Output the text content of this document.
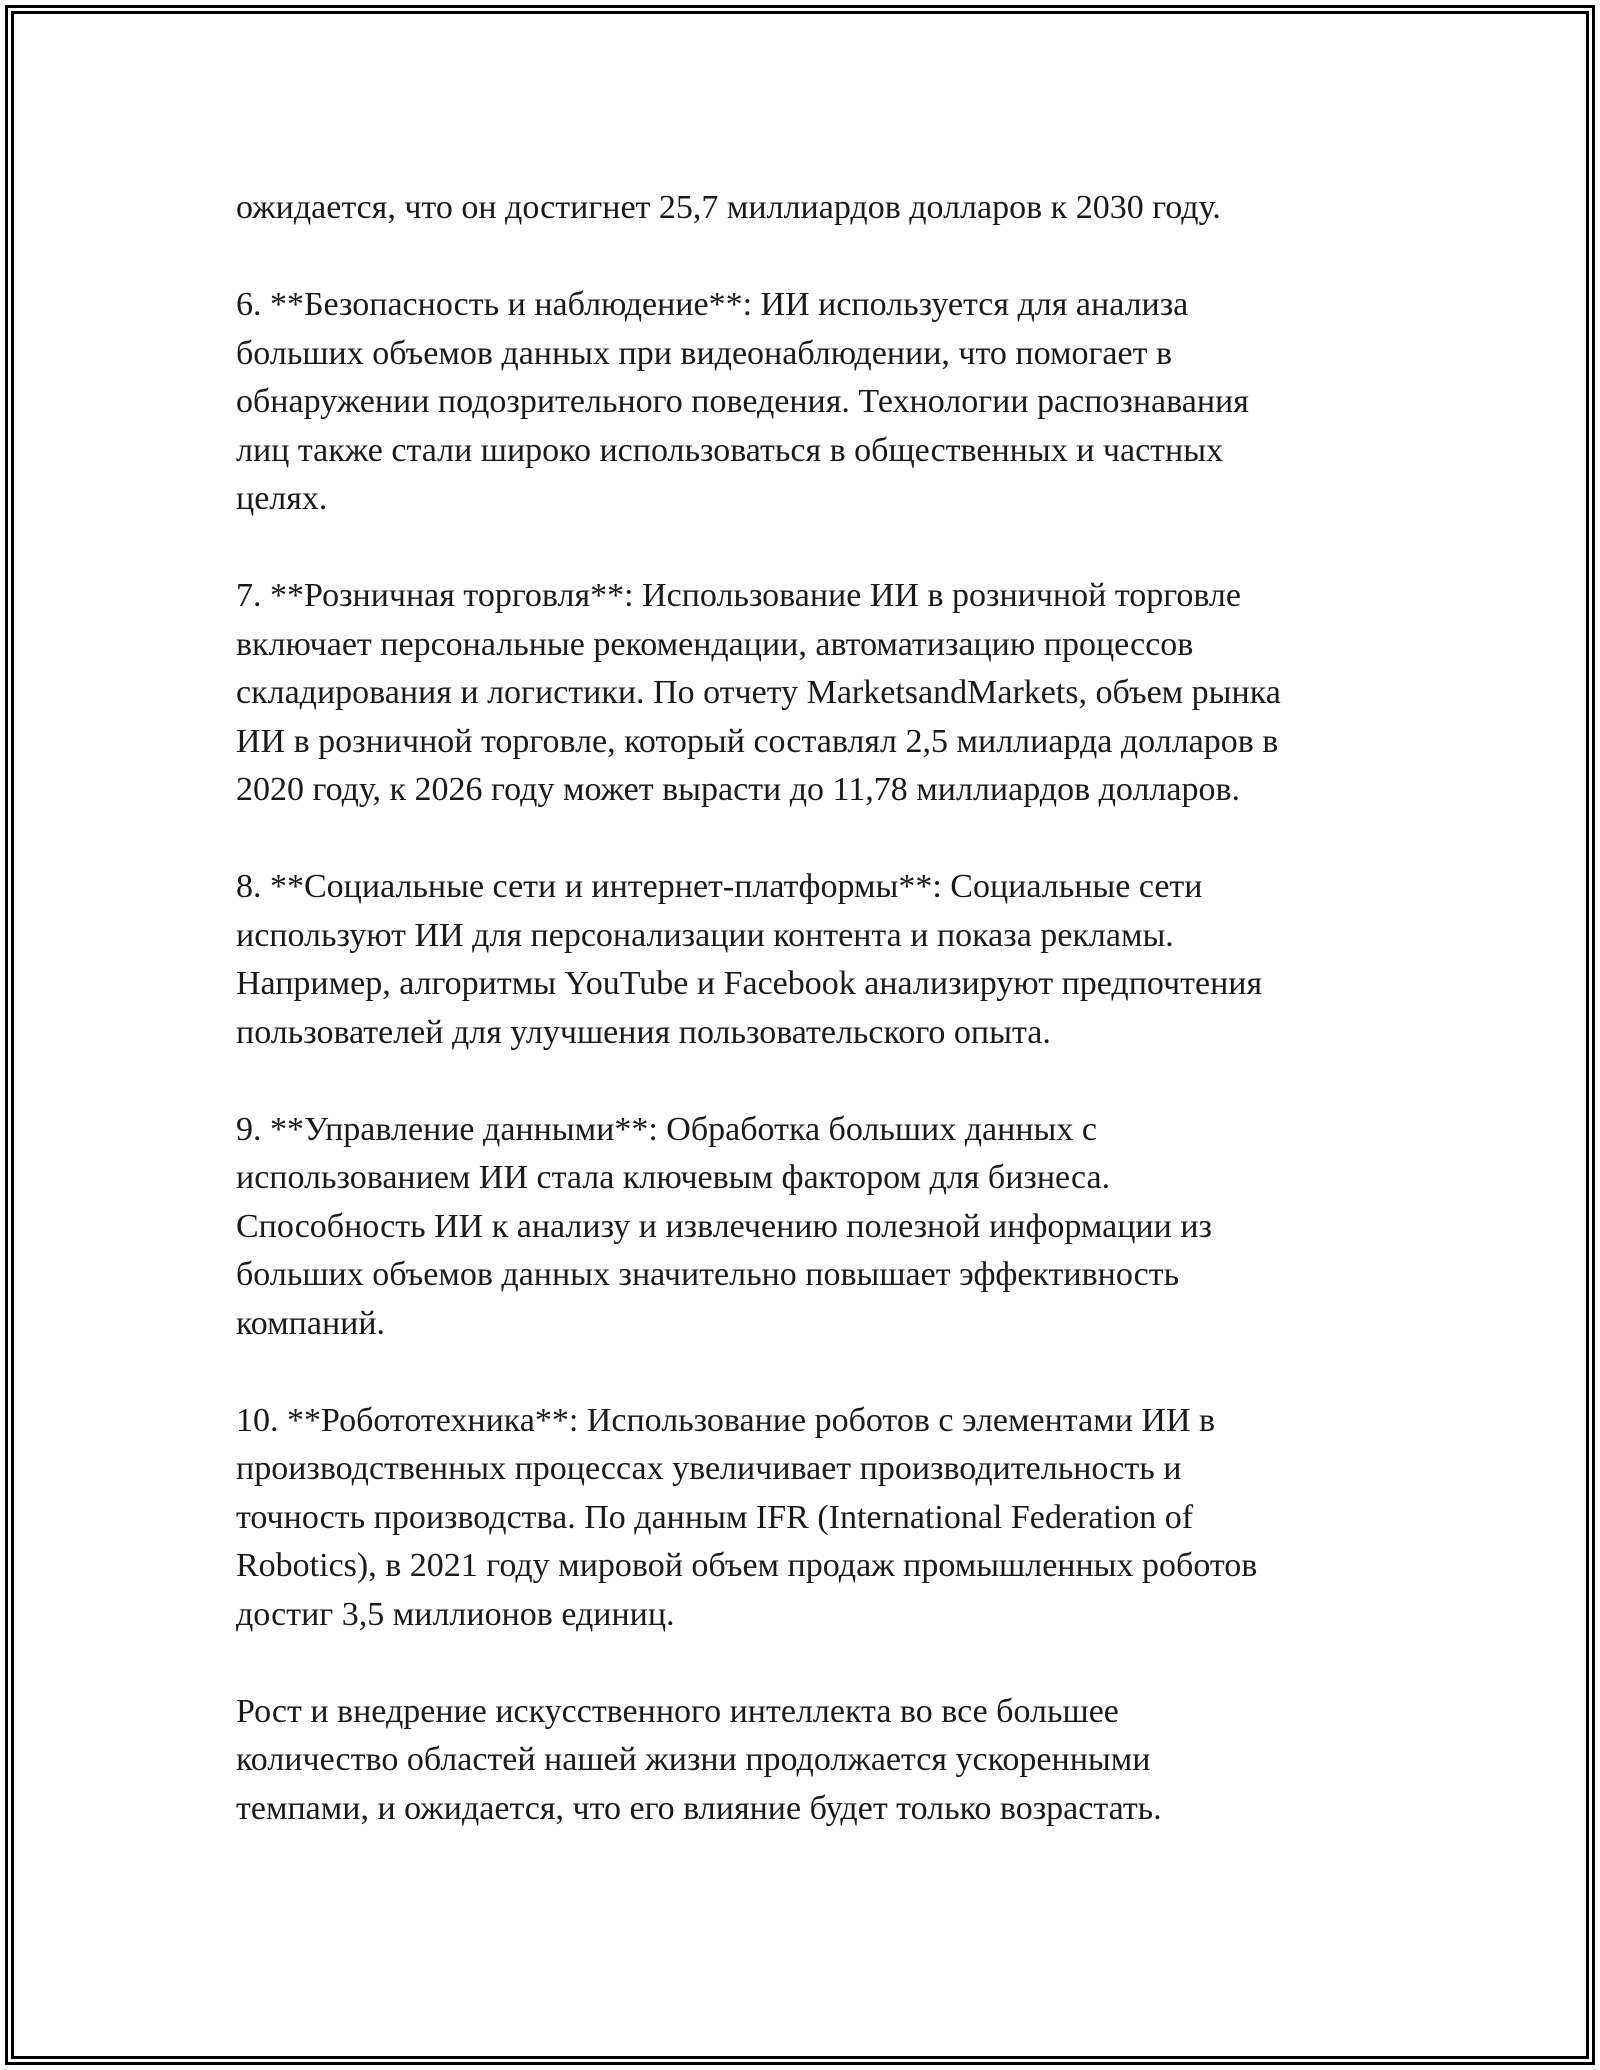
ожидается, что он достигнет 25,7 миллиардов долларов к 2030 году.

6. **Безопасность и наблюдение**: ИИ используется для анализа
больших объемов данных при видеонаблюдении, что помогает в
обнаружении подозрительного поведения. Технологии распознавания
лиц также стали широко использоваться в общественных и частных
целях.

7. **Розничная торговля**: Использование ИИ в розничной торговле
включает персональные рекомендации, автоматизацию процессов
складирования и логистики. По отчету MarketsandMarkets, объем рынка
ИИ в розничной торговле, который составлял 2,5 миллиарда долларов в
2020 году, к 2026 году может вырасти до 11,78 миллиардов долларов.

8. **Социальные сети и интернет-платформы**: Социальные сети
используют ИИ для персонализации контента и показа рекламы.
Например, алгоритмы YouTube и Facebook анализируют предпочтения
пользователей для улучшения пользовательского опыта.

9. **Управление данными**: Обработка больших данных с
использованием ИИ стала ключевым фактором для бизнеса.
Способность ИИ к анализу и извлечению полезной информации из
больших объемов данных значительно повышает эффективность
компаний.

10. **Робототехника**: Использование роботов с элементами ИИ в
производственных процессах увеличивает производительность и
точность производства. По данным IFR (International Federation of
Robotics), в 2021 году мировой объем продаж промышленных роботов
достиг 3,5 миллионов единиц.

Рост и внедрение искусственного интеллекта во все большее
количество областей нашей жизни продолжается ускоренными
темпами, и ожидается, что его влияние будет только возрастать.
